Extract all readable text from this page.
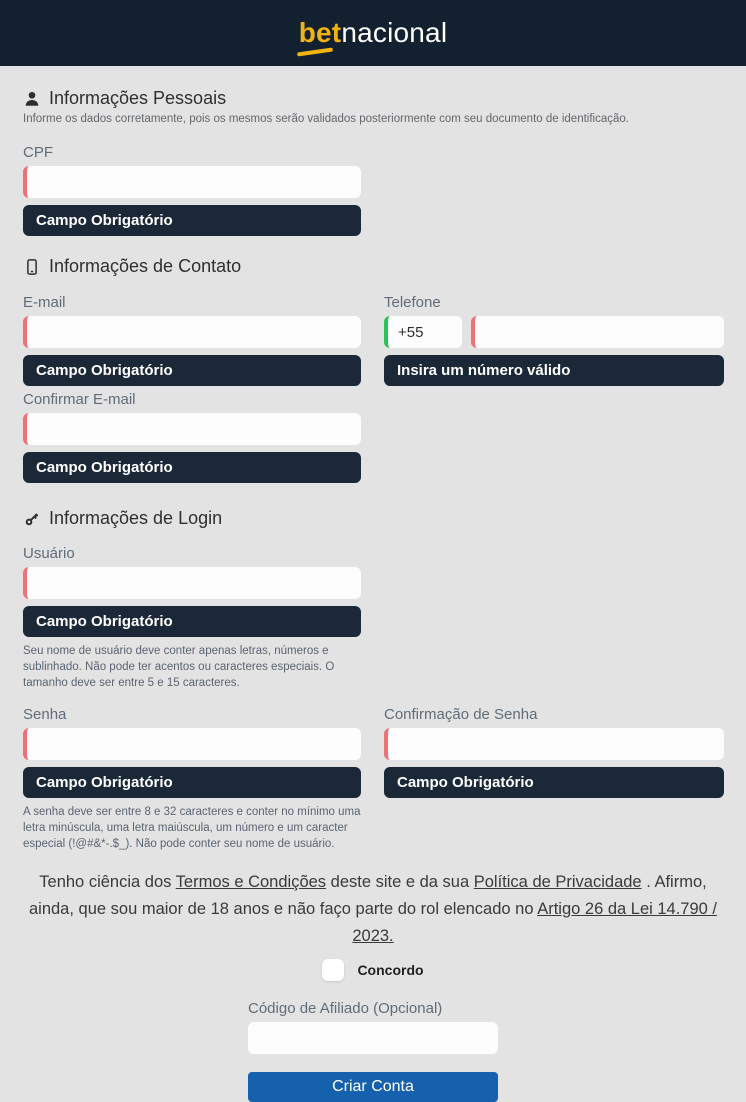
bet nacional
Informações Pessoais
Informe os dados corretamente, pois os mesmos serão validados posteriormente com seu documento de identificação.
CPF
Campo Obrigatório
Informações de Contato
E-mail
Campo Obrigatório
Telefone
+55
Insira um número válido
Confirmar E-mail
Campo Obrigatório
Informações de Login
Usuário
Campo Obrigatório
Seu nome de usuário deve conter apenas letras, números e sublinhado. Não pode ter acentos ou caracteres especiais. O tamanho deve ser entre 5 e 15 caracteres.
Senha
Campo Obrigatório
A senha deve ser entre 8 e 32 caracteres e conter no mínimo uma letra minúscula, uma letra maiúscula, um número e um caracter especial (!@#&*-.$_). Não pode conter seu nome de usuário.
Confirmação de Senha
Campo Obrigatório

Tenho ciência dos Termos e Condições deste site e da sua Política de Privacidade . Afirmo, ainda, que sou maior de 18 anos e não faço parte do rol elencado no Artigo 26 da Lei 14.790 / 2023.

Concordo
Código de Afiliado (Opcional)
Criar Conta
